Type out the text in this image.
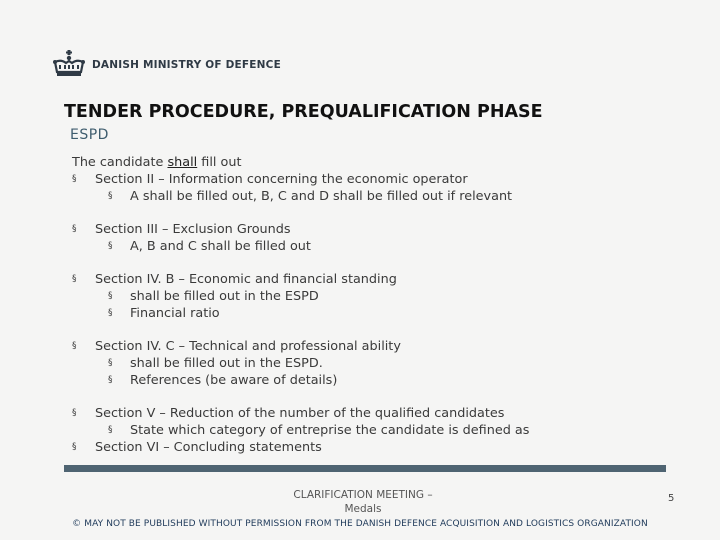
DANISH MINISTRY OF DEFENCE
TENDER PROCEDURE, PREQUALIFICATION PHASE
ESPD
The candidate shall fill out
§ Section II – Information concerning the economic operator
§ A shall be filled out, B, C and D shall be filled out if relevant
§ Section III – Exclusion Grounds
§ A, B and C shall be filled out
§ Section IV. B – Economic and financial standing
§ shall be filled out in the ESPD
§ Financial ratio
§ Section IV. C – Technical and professional ability
§ shall be filled out in the ESPD.
§ References (be aware of details)
§ Section V – Reduction of the number of the qualified candidates
§ State which category of entreprise the candidate is defined as
§ Section VI – Concluding statements
CLARIFICATION MEETING –
Medals
5
© MAY NOT BE PUBLISHED WITHOUT PERMISSION FROM THE DANISH DEFENCE ACQUISITION AND LOGISTICS ORGANIZATION
